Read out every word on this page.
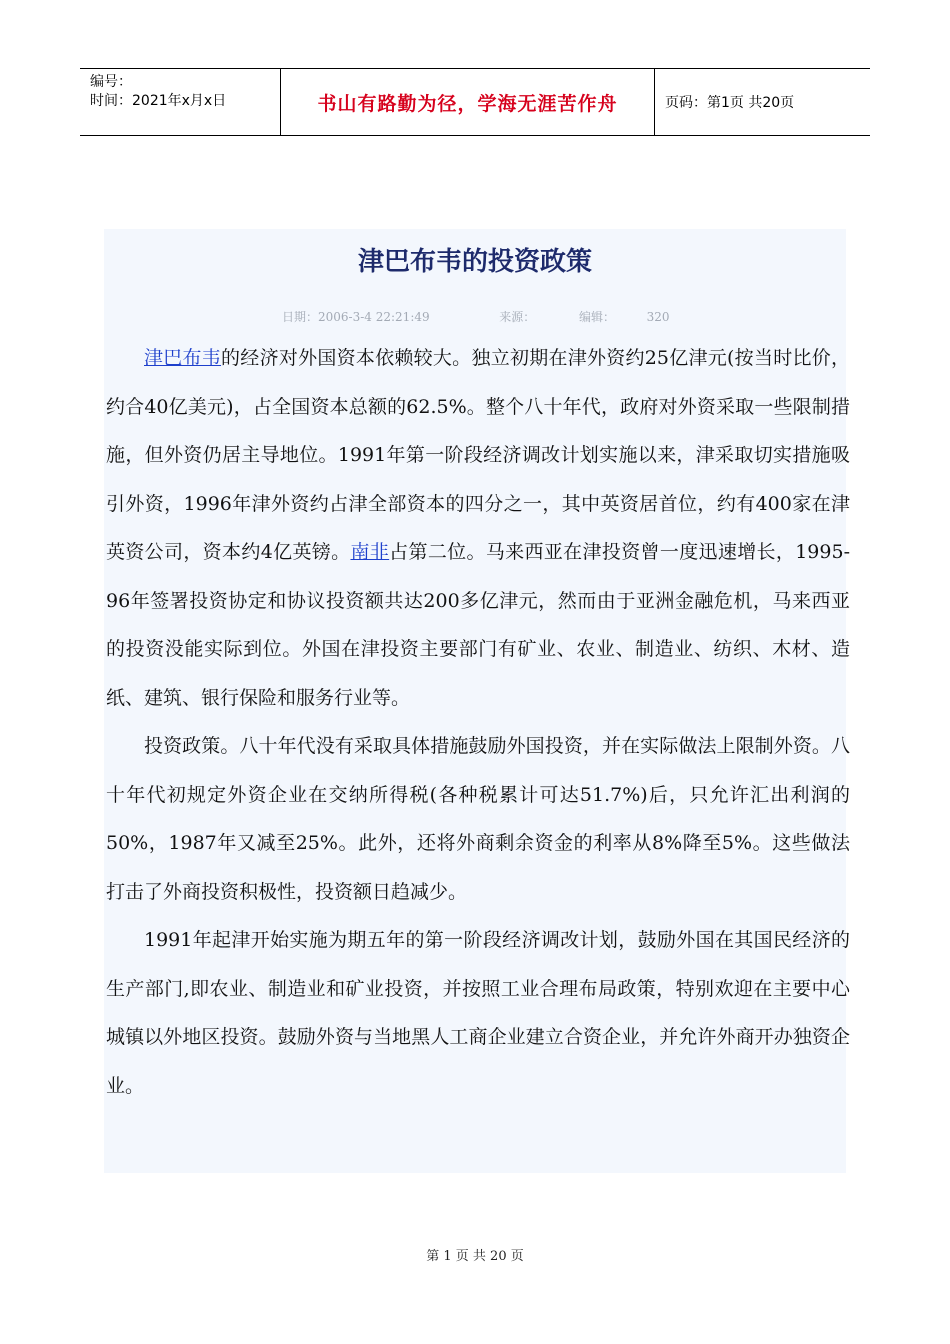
编号：
时间：2021年x月x日	书山有路勤为径，学海无涯苦作舟	页码：第1页 共20页
津巴布韦的投资政策
日期：2006-3-4 22:21:49	来源：	编辑：	320

津巴布韦的经济对外国资本依赖较大。独立初期在津外资约25亿津元(按当时比价，约合40亿美元)，占全国资本总额的62.5%。整个八十年代，政府对外资采取一些限制措施，但外资仍居主导地位。1991年第一阶段经济调改计划实施以来，津采取切实措施吸引外资，1996年津外资约占津全部资本的四分之一，其中英资居首位，约有400家在津英资公司，资本约4亿英镑。南非占第二位。马来西亚在津投资曾一度迅速增长，1995-96年签署投资协定和协议投资额共达200多亿津元，然而由于亚洲金融危机，马来西亚的投资没能实际到位。外国在津投资主要部门有矿业、农业、制造业、纺织、木材、造纸、建筑、银行保险和服务行业等。

投资政策。八十年代没有采取具体措施鼓励外国投资，并在实际做法上限制外资。八十年代初规定外资企业在交纳所得税(各种税累计可达51.7%)后，只允许汇出利润的50%，1987年又减至25%。此外，还将外商剩余资金的利率从8%降至5%。这些做法打击了外商投资积极性，投资额日趋减少。

1991年起津开始实施为期五年的第一阶段经济调改计划，鼓励外国在其国民经济的生产部门,即农业、制造业和矿业投资，并按照工业合理布局政策，特别欢迎在主要中心城镇以外地区投资。鼓励外资与当地黑人工商企业建立合资企业，并允许外商开办独资企业。

第 1 页 共 20 页
